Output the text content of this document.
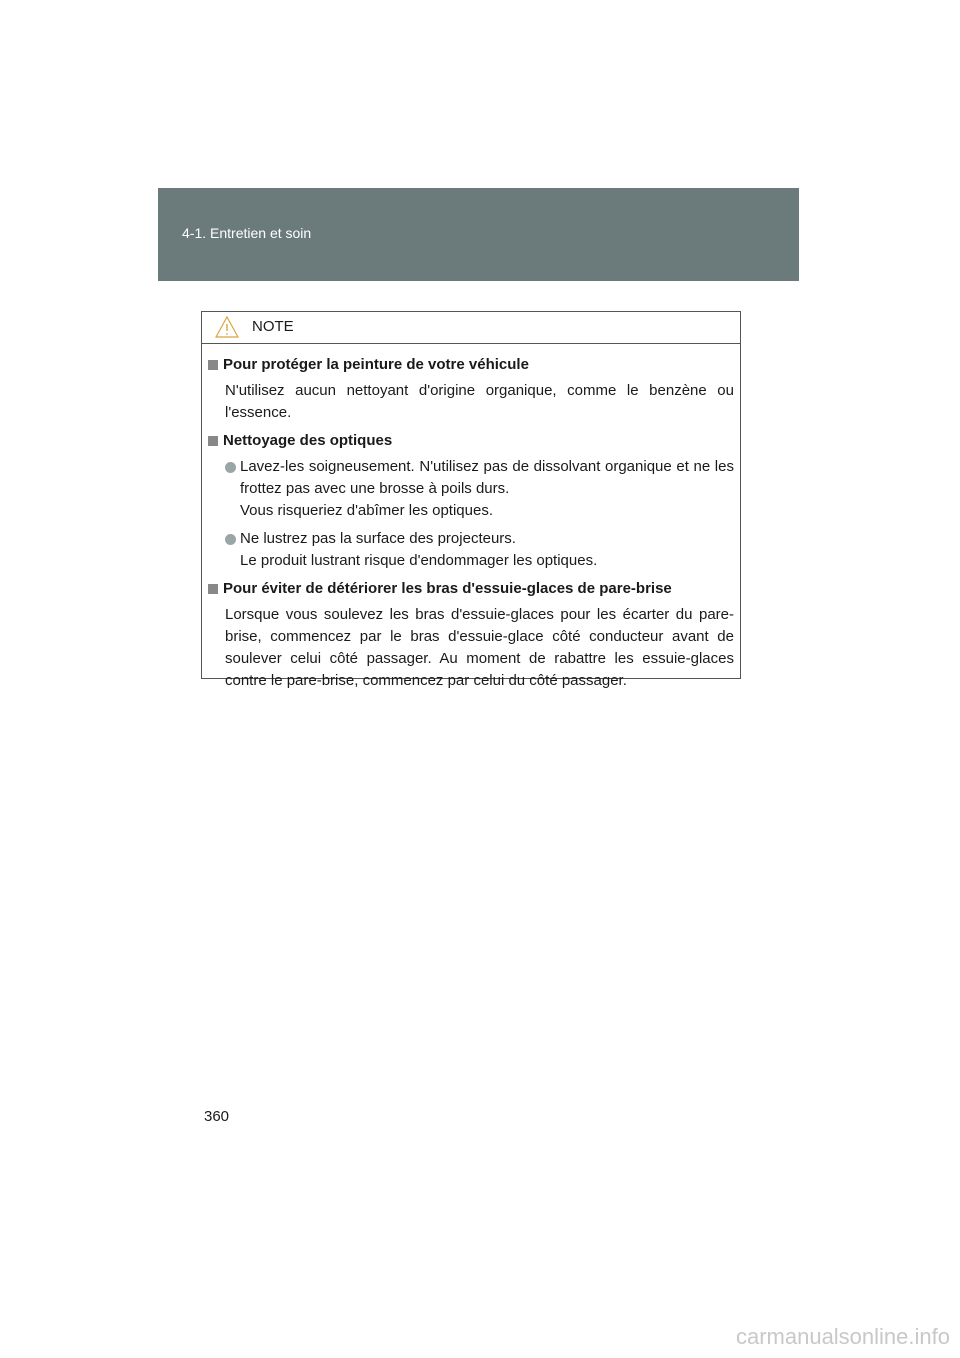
4-1. Entretien et soin
NOTE
Pour protéger la peinture de votre véhicule
N'utilisez aucun nettoyant d'origine organique, comme le benzène ou l'essence.
Nettoyage des optiques
Lavez-les soigneusement. N'utilisez pas de dissolvant organique et ne les frottez pas avec une brosse à poils durs.
Vous risqueriez d'abîmer les optiques.
Ne lustrez pas la surface des projecteurs.
Le produit lustrant risque d'endommager les optiques.
Pour éviter de détériorer les bras d'essuie-glaces de pare-brise
Lorsque vous soulevez les bras d'essuie-glaces pour les écarter du pare-brise, commencez par le bras d'essuie-glace côté conducteur avant de soulever celui côté passager. Au moment de rabattre les essuie-glaces contre le pare-brise, commencez par celui du côté passager.
360
carmanualsonline.info
